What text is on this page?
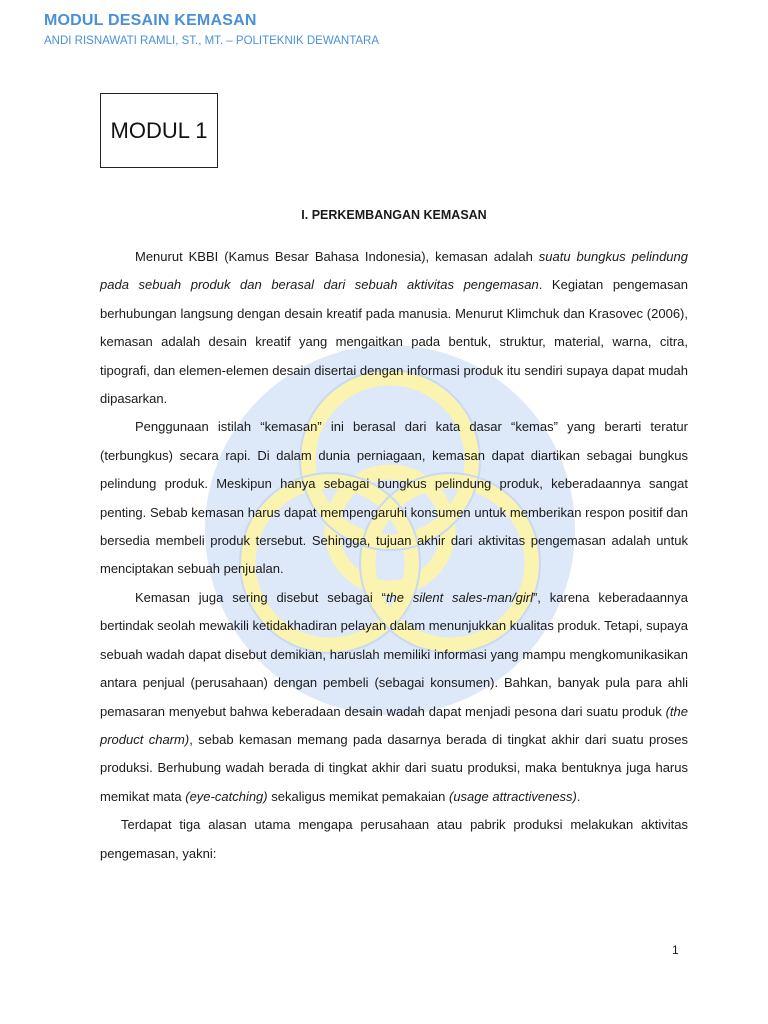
MODUL DESAIN KEMASAN
ANDI RISNAWATI RAMLI, ST., MT. – POLITEKNIK DEWANTARA
MODUL 1
I. PERKEMBANGAN KEMASAN

Menurut KBBI (Kamus Besar Bahasa Indonesia), kemasan adalah suatu bungkus pelindung pada sebuah produk dan berasal dari sebuah aktivitas pengemasan. Kegiatan pengemasan berhubungan langsung dengan desain kreatif pada manusia. Menurut Klimchuk dan Krasovec (2006), kemasan adalah desain kreatif yang mengaitkan pada bentuk, struktur, material, warna, citra, tipografi, dan elemen-elemen desain disertai dengan informasi produk itu sendiri supaya dapat mudah dipasarkan.

Penggunaan istilah “kemasan” ini berasal dari kata dasar “kemas” yang berarti teratur (terbungkus) secara rapi. Di dalam dunia perniagaan, kemasan dapat diartikan sebagai bungkus pelindung produk. Meskipun hanya sebagai bungkus pelindung produk, keberadaannya sangat penting. Sebab kemasan harus dapat mempengaruhi konsumen untuk memberikan respon positif dan bersedia membeli produk tersebut. Sehingga, tujuan akhir dari aktivitas pengemasan adalah untuk menciptakan sebuah penjualan.

Kemasan juga sering disebut sebagai “the silent sales-man/girl”, karena keberadaannya bertindak seolah mewakili ketidakhadiran pelayan dalam menunjukkan kualitas produk. Tetapi, supaya sebuah wadah dapat disebut demikian, haruslah memiliki informasi yang mampu mengkomunikasikan antara penjual (perusahaan) dengan pembeli (sebagai konsumen). Bahkan, banyak pula para ahli pemasaran menyebut bahwa keberadaan desain wadah dapat menjadi pesona dari suatu produk (the product charm), sebab kemasan memang pada dasarnya berada di tingkat akhir dari suatu proses produksi. Berhubung wadah berada di tingkat akhir dari suatu produksi, maka bentuknya juga harus memikat mata (eye-catching) sekaligus memikat pemakaian (usage attractiveness).

Terdapat tiga alasan utama mengapa perusahaan atau pabrik produksi melakukan aktivitas pengemasan, yakni:

1
